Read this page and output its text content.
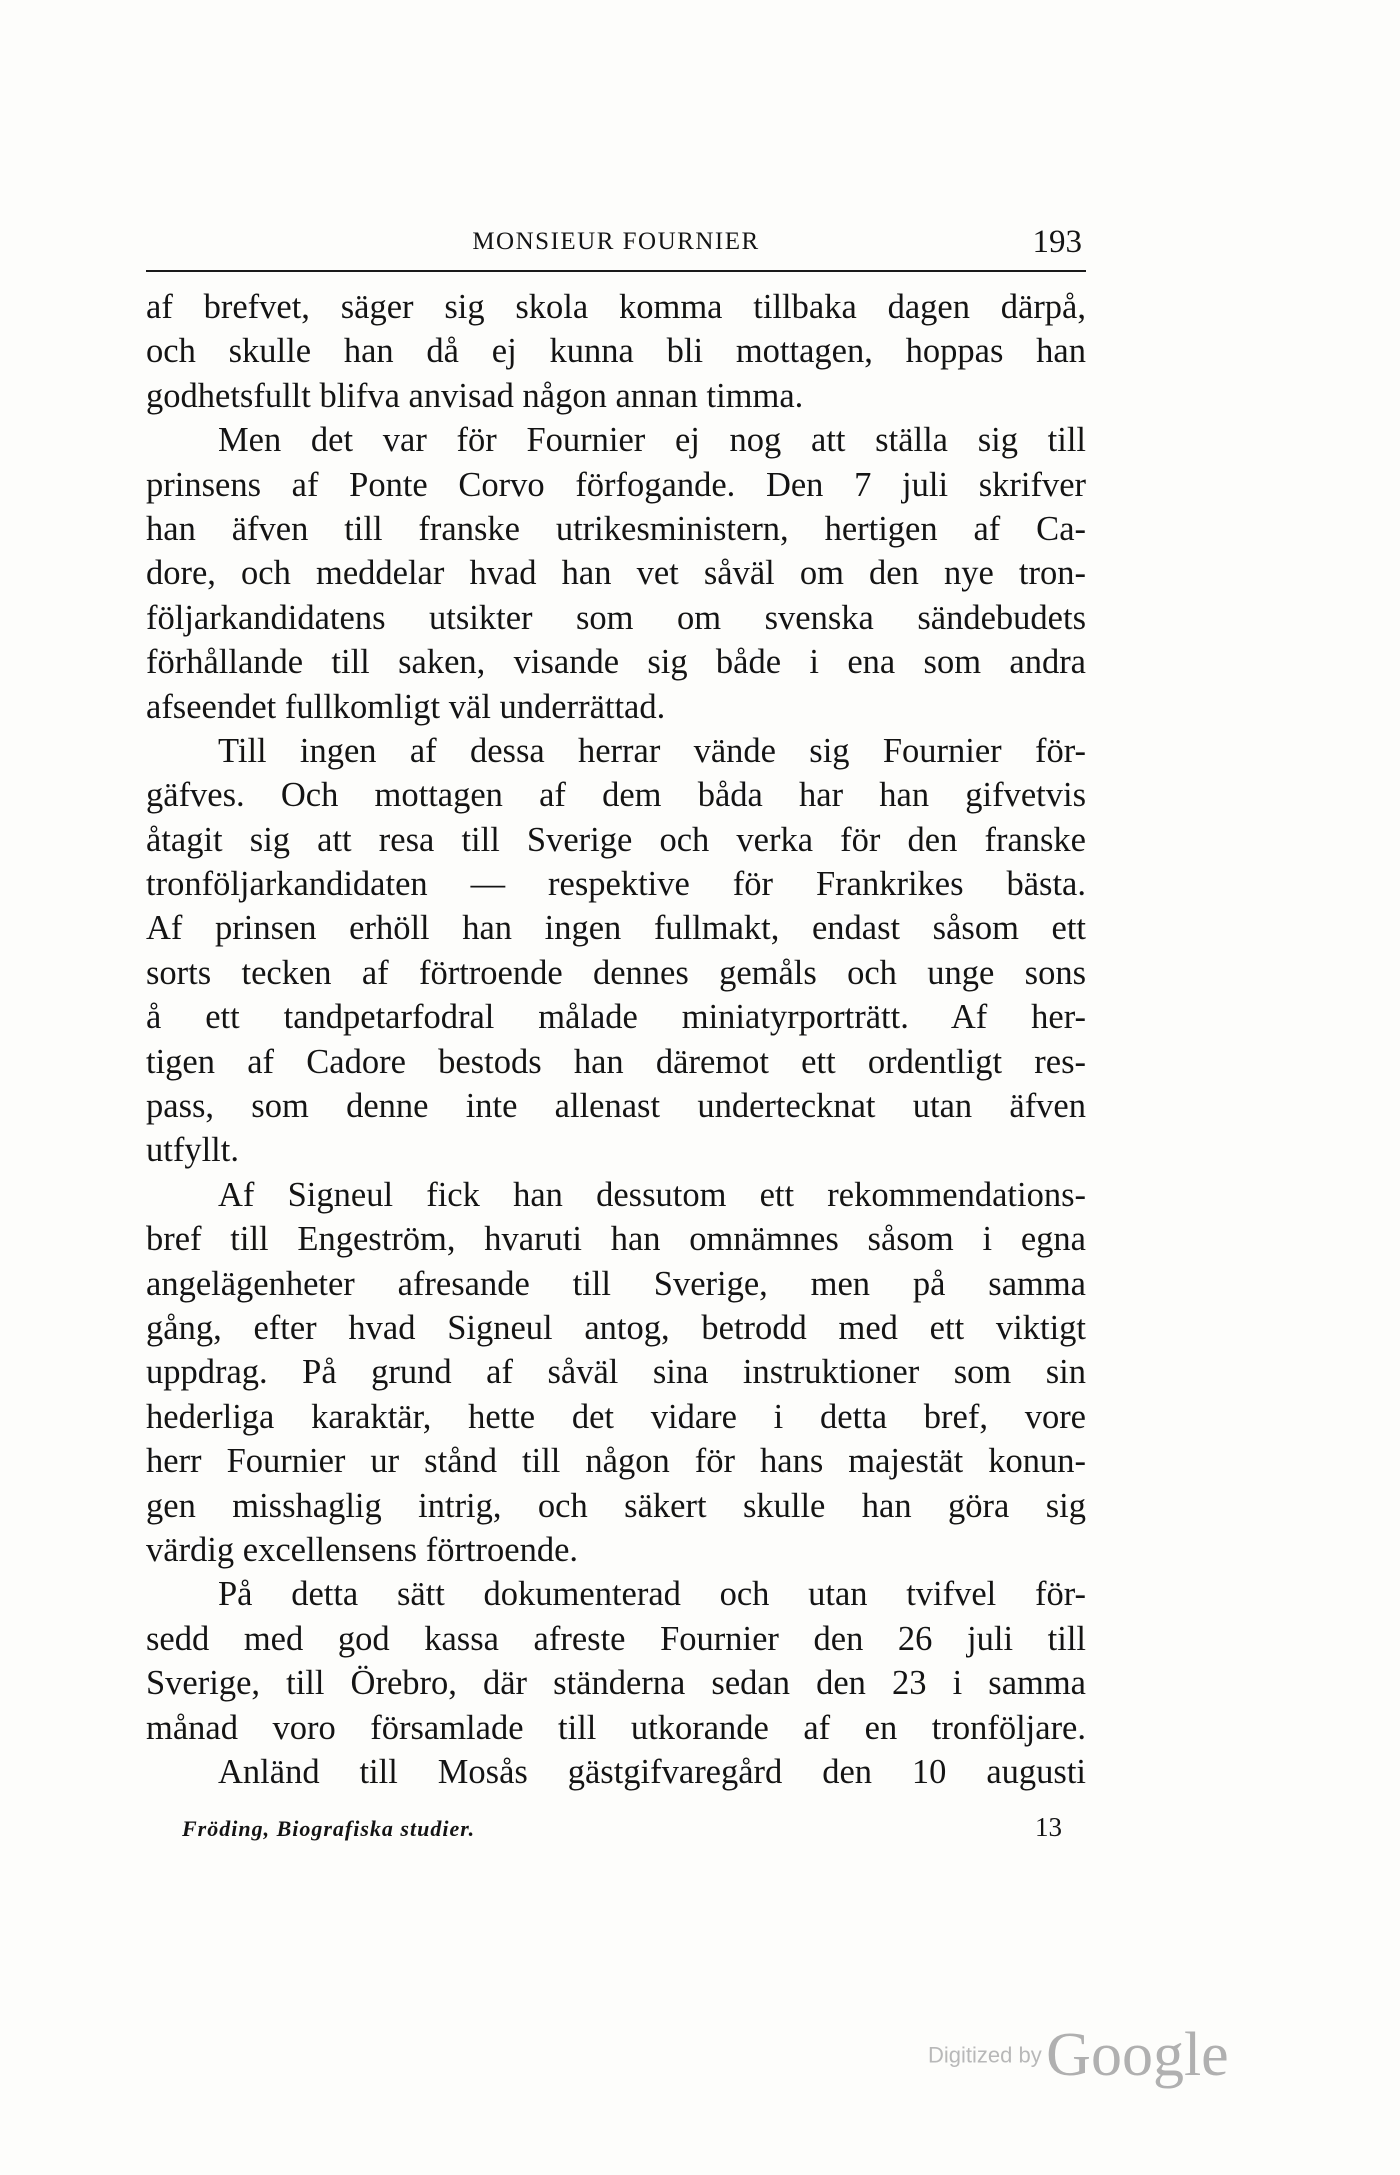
MONSIEUR FOURNIER	193
af brefvet, säger sig skola komma tillbaka dagen därpå,
och skulle han då ej kunna bli mottagen, hoppas han
godhetsfullt blifva anvisad någon annan timma.
Men det var för Fournier ej nog att ställa sig till
prinsens af Ponte Corvo förfogande. Den 7 juli skrifver
han äfven till franske utrikesministern, hertigen af Ca-
dore, och meddelar hvad han vet såväl om den nye tron-
följarkandidatens utsikter som om svenska sändebudets
förhållande till saken, visande sig både i ena som andra
afseendet fullkomligt väl underrättad.
Till ingen af dessa herrar vände sig Fournier för-
gäfves. Och mottagen af dem båda har han gifvetvis
åtagit sig att resa till Sverige och verka för den franske
tronföljarkandidaten — respektive för Frankrikes bästa.
Af prinsen erhöll han ingen fullmakt, endast såsom ett
sorts tecken af förtroende dennes gemåls och unge sons
å ett tandpetarfodral målade miniatyrporträtt. Af her-
tigen af Cadore bestods han däremot ett ordentligt res-
pass, som denne inte allenast undertecknat utan äfven
utfyllt.
Af Signeul fick han dessutom ett rekommendations-
bref till Engeström, hvaruti han omnämnes såsom i egna
angelägenheter afresande till Sverige, men på samma
gång, efter hvad Signeul antog, betrodd med ett viktigt
uppdrag. På grund af såväl sina instruktioner som sin
hederliga karaktär, hette det vidare i detta bref, vore
herr Fournier ur stånd till någon för hans majestät konun-
gen misshaglig intrig, och säkert skulle han göra sig
värdig excellensens förtroende.
På detta sätt dokumenterad och utan tvifvel för-
sedd med god kassa afreste Fournier den 26 juli till
Sverige, till Örebro, där ständerna sedan den 23 i samma
månad voro församlade till utkorande af en tronföljare.
Anländ till Mosås gästgifvaregård den 10 augusti
Fröding, Biografiska studier.	13
Digitized by Google
